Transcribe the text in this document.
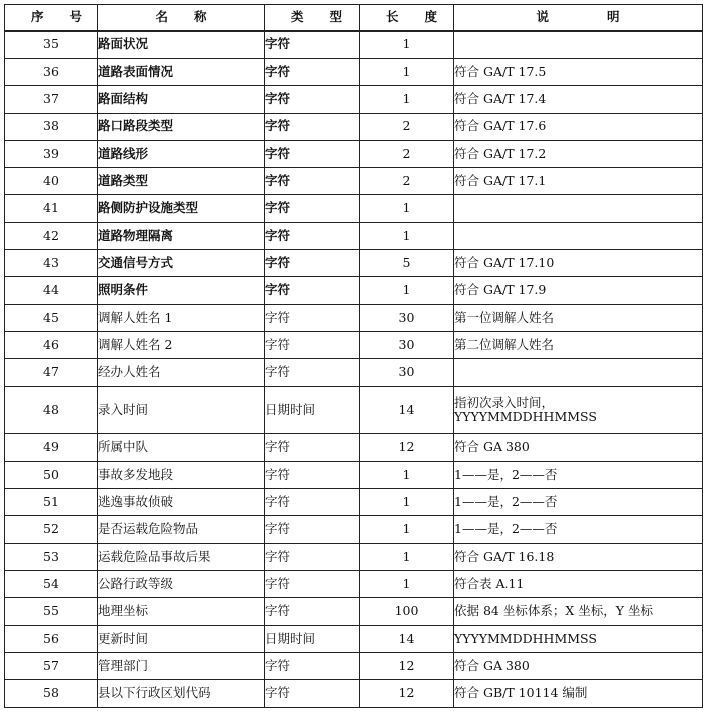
序号	名称	类型	长度	说明
35	路面状况	字符	1	
36	道路表面情况	字符	1	符合 GA/T 17.5
37	路面结构	字符	1	符合 GA/T 17.4
38	路口路段类型	字符	2	符合 GA/T 17.6
39	道路线形	字符	2	符合 GA/T 17.2
40	道路类型	字符	2	符合 GA/T 17.1
41	路侧防护设施类型	字符	1	
42	道路物理隔离	字符	1	
43	交通信号方式	字符	5	符合 GA/T 17.10
44	照明条件	字符	1	符合 GA/T 17.9
45	调解人姓名 1	字符	30	第一位调解人姓名
46	调解人姓名 2	字符	30	第二位调解人姓名
47	经办人姓名	字符	30	
48	录入时间	日期时间	14	指初次录入时间，
YYYYMMDDHHMMSS

49	所属中队	字符	12	符合 GA 380
50	事故多发地段	字符	1	1——是，2——否
51	逃逸事故侦破	字符	1	1——是，2——否
52	是否运载危险物品	字符	1	1——是，2——否
53	运载危险品事故后果	字符	1	符合 GA/T 16.18
54	公路行政等级	字符	1	符合表 A.11
55	地理坐标	字符	100	依据 84 坐标体系；X 坐标，Y 坐标
56	更新时间	日期时间	14	YYYYMMDDHHMMSS
57	管理部门	字符	12	符合 GA 380
58	县以下行政区划代码	字符	12	符合 GB/T 10114 编制
